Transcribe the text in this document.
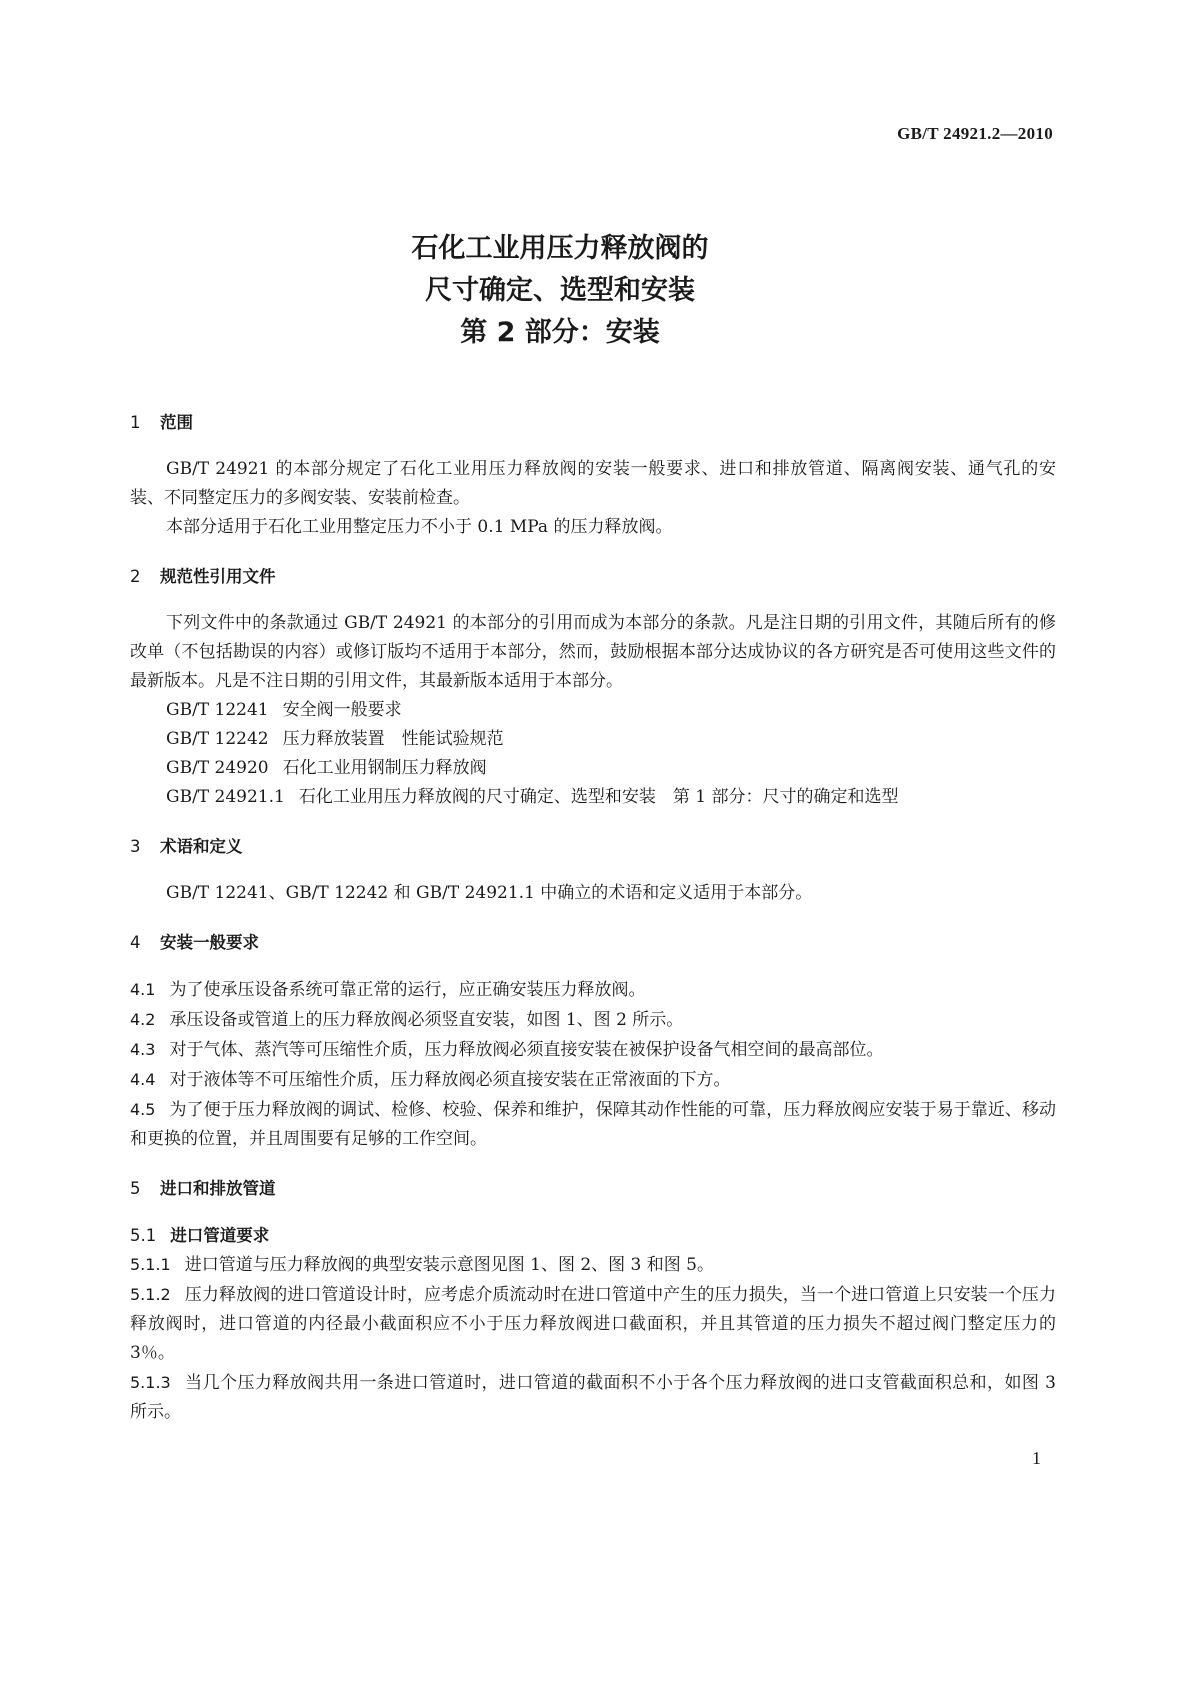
GB/T 24921.2—2010
石化工业用压力释放阀的
尺寸确定、选型和安装
第 2 部分：安装
1 范围

GB/T 24921 的本部分规定了石化工业用压力释放阀的安装一般要求、进口和排放管道、隔离阀安装、通气孔的安装、不同整定压力的多阀安装、安装前检查。

本部分适用于石化工业用整定压力不小于 0.1 MPa 的压力释放阀。

2 规范性引用文件

下列文件中的条款通过 GB/T 24921 的本部分的引用而成为本部分的条款。凡是注日期的引用文件，其随后所有的修改单（不包括勘误的内容）或修订版均不适用于本部分，然而，鼓励根据本部分达成协议的各方研究是否可使用这些文件的最新版本。凡是不注日期的引用文件，其最新版本适用于本部分。

GB/T 12241 安全阀一般要求
GB/T 12242 压力释放装置　性能试验规范
GB/T 24920 石化工业用钢制压力释放阀
GB/T 24921.1 石化工业用压力释放阀的尺寸确定、选型和安装　第 1 部分：尺寸的确定和选型
3 术语和定义

GB/T 12241、GB/T 12242 和 GB/T 24921.1 中确立的术语和定义适用于本部分。

4 安装一般要求

4.1 为了使承压设备系统可靠正常的运行，应正确安装压力释放阀。

4.2 承压设备或管道上的压力释放阀必须竖直安装，如图 1、图 2 所示。

4.3 对于气体、蒸汽等可压缩性介质，压力释放阀必须直接安装在被保护设备气相空间的最高部位。

4.4 对于液体等不可压缩性介质，压力释放阀必须直接安装在正常液面的下方。

4.5 为了便于压力释放阀的调试、检修、校验、保养和维护，保障其动作性能的可靠，压力释放阀应安装于易于靠近、移动和更换的位置，并且周围要有足够的工作空间。

5 进口和排放管道
5.1 进口管道要求

5.1.1 进口管道与压力释放阀的典型安装示意图见图 1、图 2、图 3 和图 5。

5.1.2 压力释放阀的进口管道设计时，应考虑介质流动时在进口管道中产生的压力损失，当一个进口管道上只安装一个压力释放阀时，进口管道的内径最小截面积应不小于压力释放阀进口截面积，并且其管道的压力损失不超过阀门整定压力的 3％。

5.1.3 当几个压力释放阀共用一条进口管道时，进口管道的截面积不小于各个压力释放阀的进口支管截面积总和，如图 3 所示。

1
